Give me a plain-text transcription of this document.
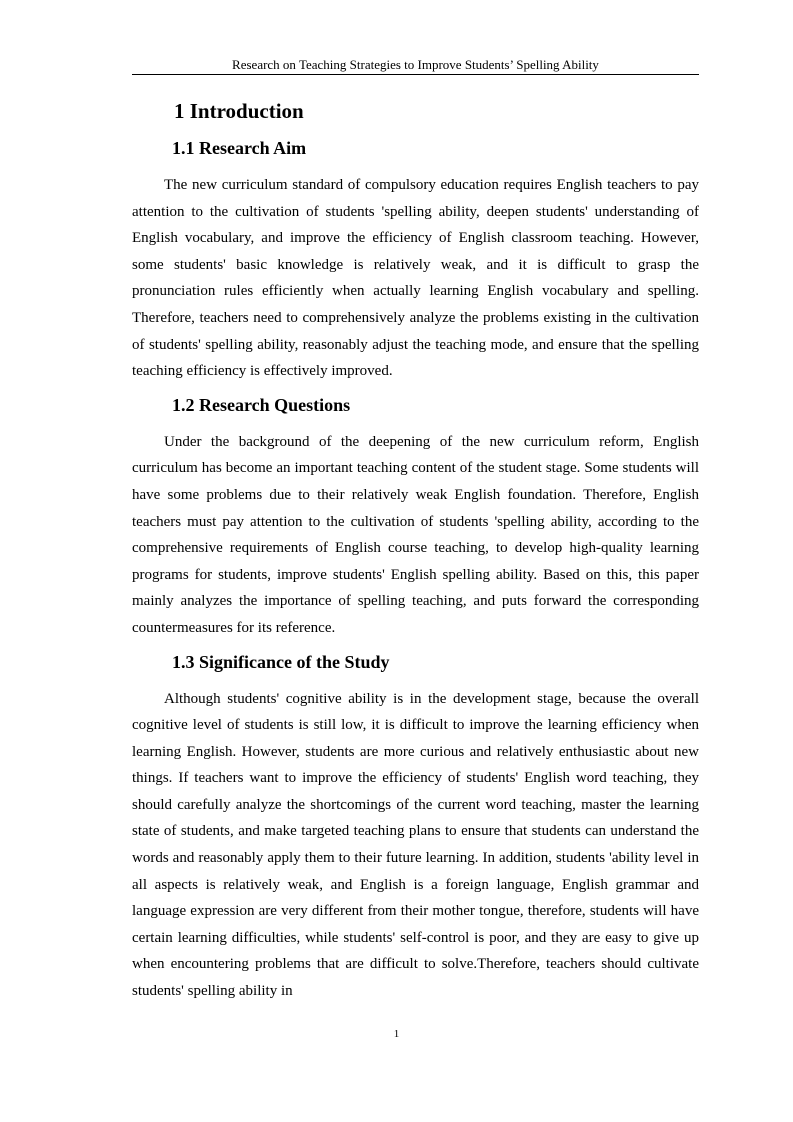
Research on Teaching Strategies to Improve Students’ Spelling Ability
1 Introduction
1.1 Research Aim

The new curriculum standard of compulsory education requires English teachers to pay attention to the cultivation of students 'spelling ability, deepen students' understanding of English vocabulary, and improve the efficiency of English classroom teaching. However, some students' basic knowledge is relatively weak, and it is difficult to grasp the pronunciation rules efficiently when actually learning English vocabulary and spelling. Therefore, teachers need to comprehensively analyze the problems existing in the cultivation of students' spelling ability, reasonably adjust the teaching mode, and ensure that the spelling teaching efficiency is effectively improved.

1.2 Research Questions

Under the background of the deepening of the new curriculum reform, English curriculum has become an important teaching content of the student stage. Some students will have some problems due to their relatively weak English foundation. Therefore, English teachers must pay attention to the cultivation of students 'spelling ability, according to the comprehensive requirements of English course teaching, to develop high-quality learning programs for students, improve students' English spelling ability. Based on this, this paper mainly analyzes the importance of spelling teaching, and puts forward the corresponding countermeasures for its reference.

1.3 Significance of the Study

Although students' cognitive ability is in the development stage, because the overall cognitive level of students is still low, it is difficult to improve the learning efficiency when learning English. However, students are more curious and relatively enthusiastic about new things. If teachers want to improve the efficiency of students' English word teaching, they should carefully analyze the shortcomings of the current word teaching, master the learning state of students, and make targeted teaching plans to ensure that students can understand the words and reasonably apply them to their future learning. In addition, students 'ability level in all aspects is relatively weak, and English is a foreign language, English grammar and language expression are very different from their mother tongue, therefore, students will have certain learning difficulties, while students' self-control is poor, and they are easy to give up when encountering problems that are difficult to solve.Therefore, teachers should cultivate students' spelling ability in

1
